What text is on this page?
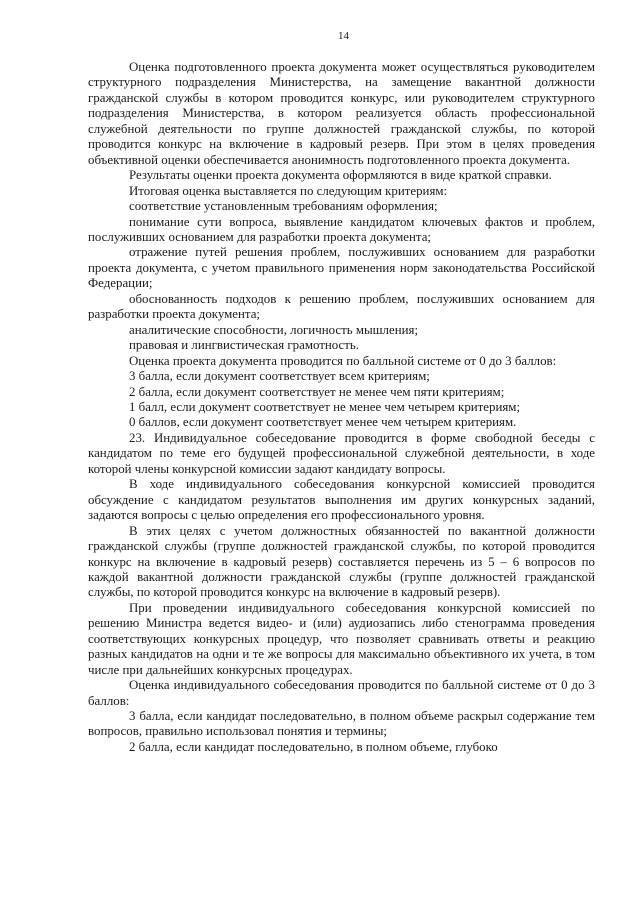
14

Оценка подготовленного проекта документа может осуществляться руководителем структурного подразделения Министерства, на замещение вакантной должности гражданской службы в котором проводится конкурс, или руководителем структурного подразделения Министерства, в котором реализуется область профессиональной служебной деятельности по группе должностей гражданской службы, по которой проводится конкурс на включение в кадровый резерв. При этом в целях проведения объективной оценки обеспечивается анонимность подготовленного проекта документа.

Результаты оценки проекта документа оформляются в виде краткой справки.

Итоговая оценка выставляется по следующим критериям:

соответствие установленным требованиям оформления;

понимание сути вопроса, выявление кандидатом ключевых фактов и проблем, послуживших основанием для разработки проекта документа;

отражение путей решения проблем, послуживших основанием для разработки проекта документа, с учетом правильного применения норм законодательства Российской Федерации;

обоснованность подходов к решению проблем, послуживших основанием для разработки проекта документа;

аналитические способности, логичность мышления;

правовая и лингвистическая грамотность.

Оценка проекта документа проводится по балльной системе от 0 до 3 баллов:

3 балла, если документ соответствует всем критериям;

2 балла, если документ соответствует не менее чем пяти критериям;

1 балл, если документ соответствует не менее чем четырем критериям;

0 баллов, если документ соответствует менее чем четырем критериям.

23. Индивидуальное собеседование проводится в форме свободной беседы с кандидатом по теме его будущей профессиональной служебной деятельности, в ходе которой члены конкурсной комиссии задают кандидату вопросы.

В ходе индивидуального собеседования конкурсной комиссией проводится обсуждение с кандидатом результатов выполнения им других конкурсных заданий, задаются вопросы с целью определения его профессионального уровня.

В этих целях с учетом должностных обязанностей по вакантной должности гражданской службы (группе должностей гражданской службы, по которой проводится конкурс на включение в кадровый резерв) составляется перечень из 5 – 6 вопросов по каждой вакантной должности гражданской службы (группе должностей гражданской службы, по которой проводится конкурс на включение в кадровый резерв).

При проведении индивидуального собеседования конкурсной комиссией по решению Министра ведется видео- и (или) аудиозапись либо стенограмма проведения соответствующих конкурсных процедур, что позволяет сравнивать ответы и реакцию разных кандидатов на одни и те же вопросы для максимально объективного их учета, в том числе при дальнейших конкурсных процедурах.

Оценка индивидуального собеседования проводится по балльной системе от 0 до 3 баллов:

3 балла, если кандидат последовательно, в полном объеме раскрыл содержание тем вопросов, правильно использовал понятия и термины;

2 балла, если кандидат последовательно, в полном объеме, глубоко
